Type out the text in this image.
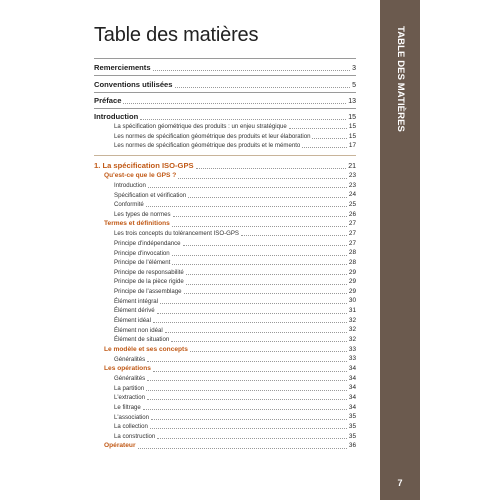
Table des matières	TABLE DES MATIÈRES
7
Remerciements	3
Conventions utilisées	5
Préface	13
Introduction	15
La spécification géométrique des produits : un enjeu stratégique	15
Les normes de spécification géométrique des produits et leur élaboration	15
Les normes de spécification géométrique des produits et le mémento	17
1. La spécification ISO-GPS	21
Qu'est-ce que le GPS ?	23
Introduction	23
Spécification et vérification	24
Conformité	25
Les types de normes	26
Termes et définitions	27
Les trois concepts du tolérancement ISO-GPS	27
Principe d'indépendance	27
Principe d'invocation	28
Principe de l'élément	28
Principe de responsabilité	29
Principe de la pièce rigide	29
Principe de l'assemblage	29
Élément intégral	30
Élément dérivé	31
Élément idéal	32
Élément non idéal	32
Élément de situation	32
Le modèle et ses concepts	33
Généralités	33
Les opérations	34
Généralités	34
La partition	34
L'extraction	34
Le filtrage	34
L'association	35
La collection	35
La construction	35
Opérateur	36
